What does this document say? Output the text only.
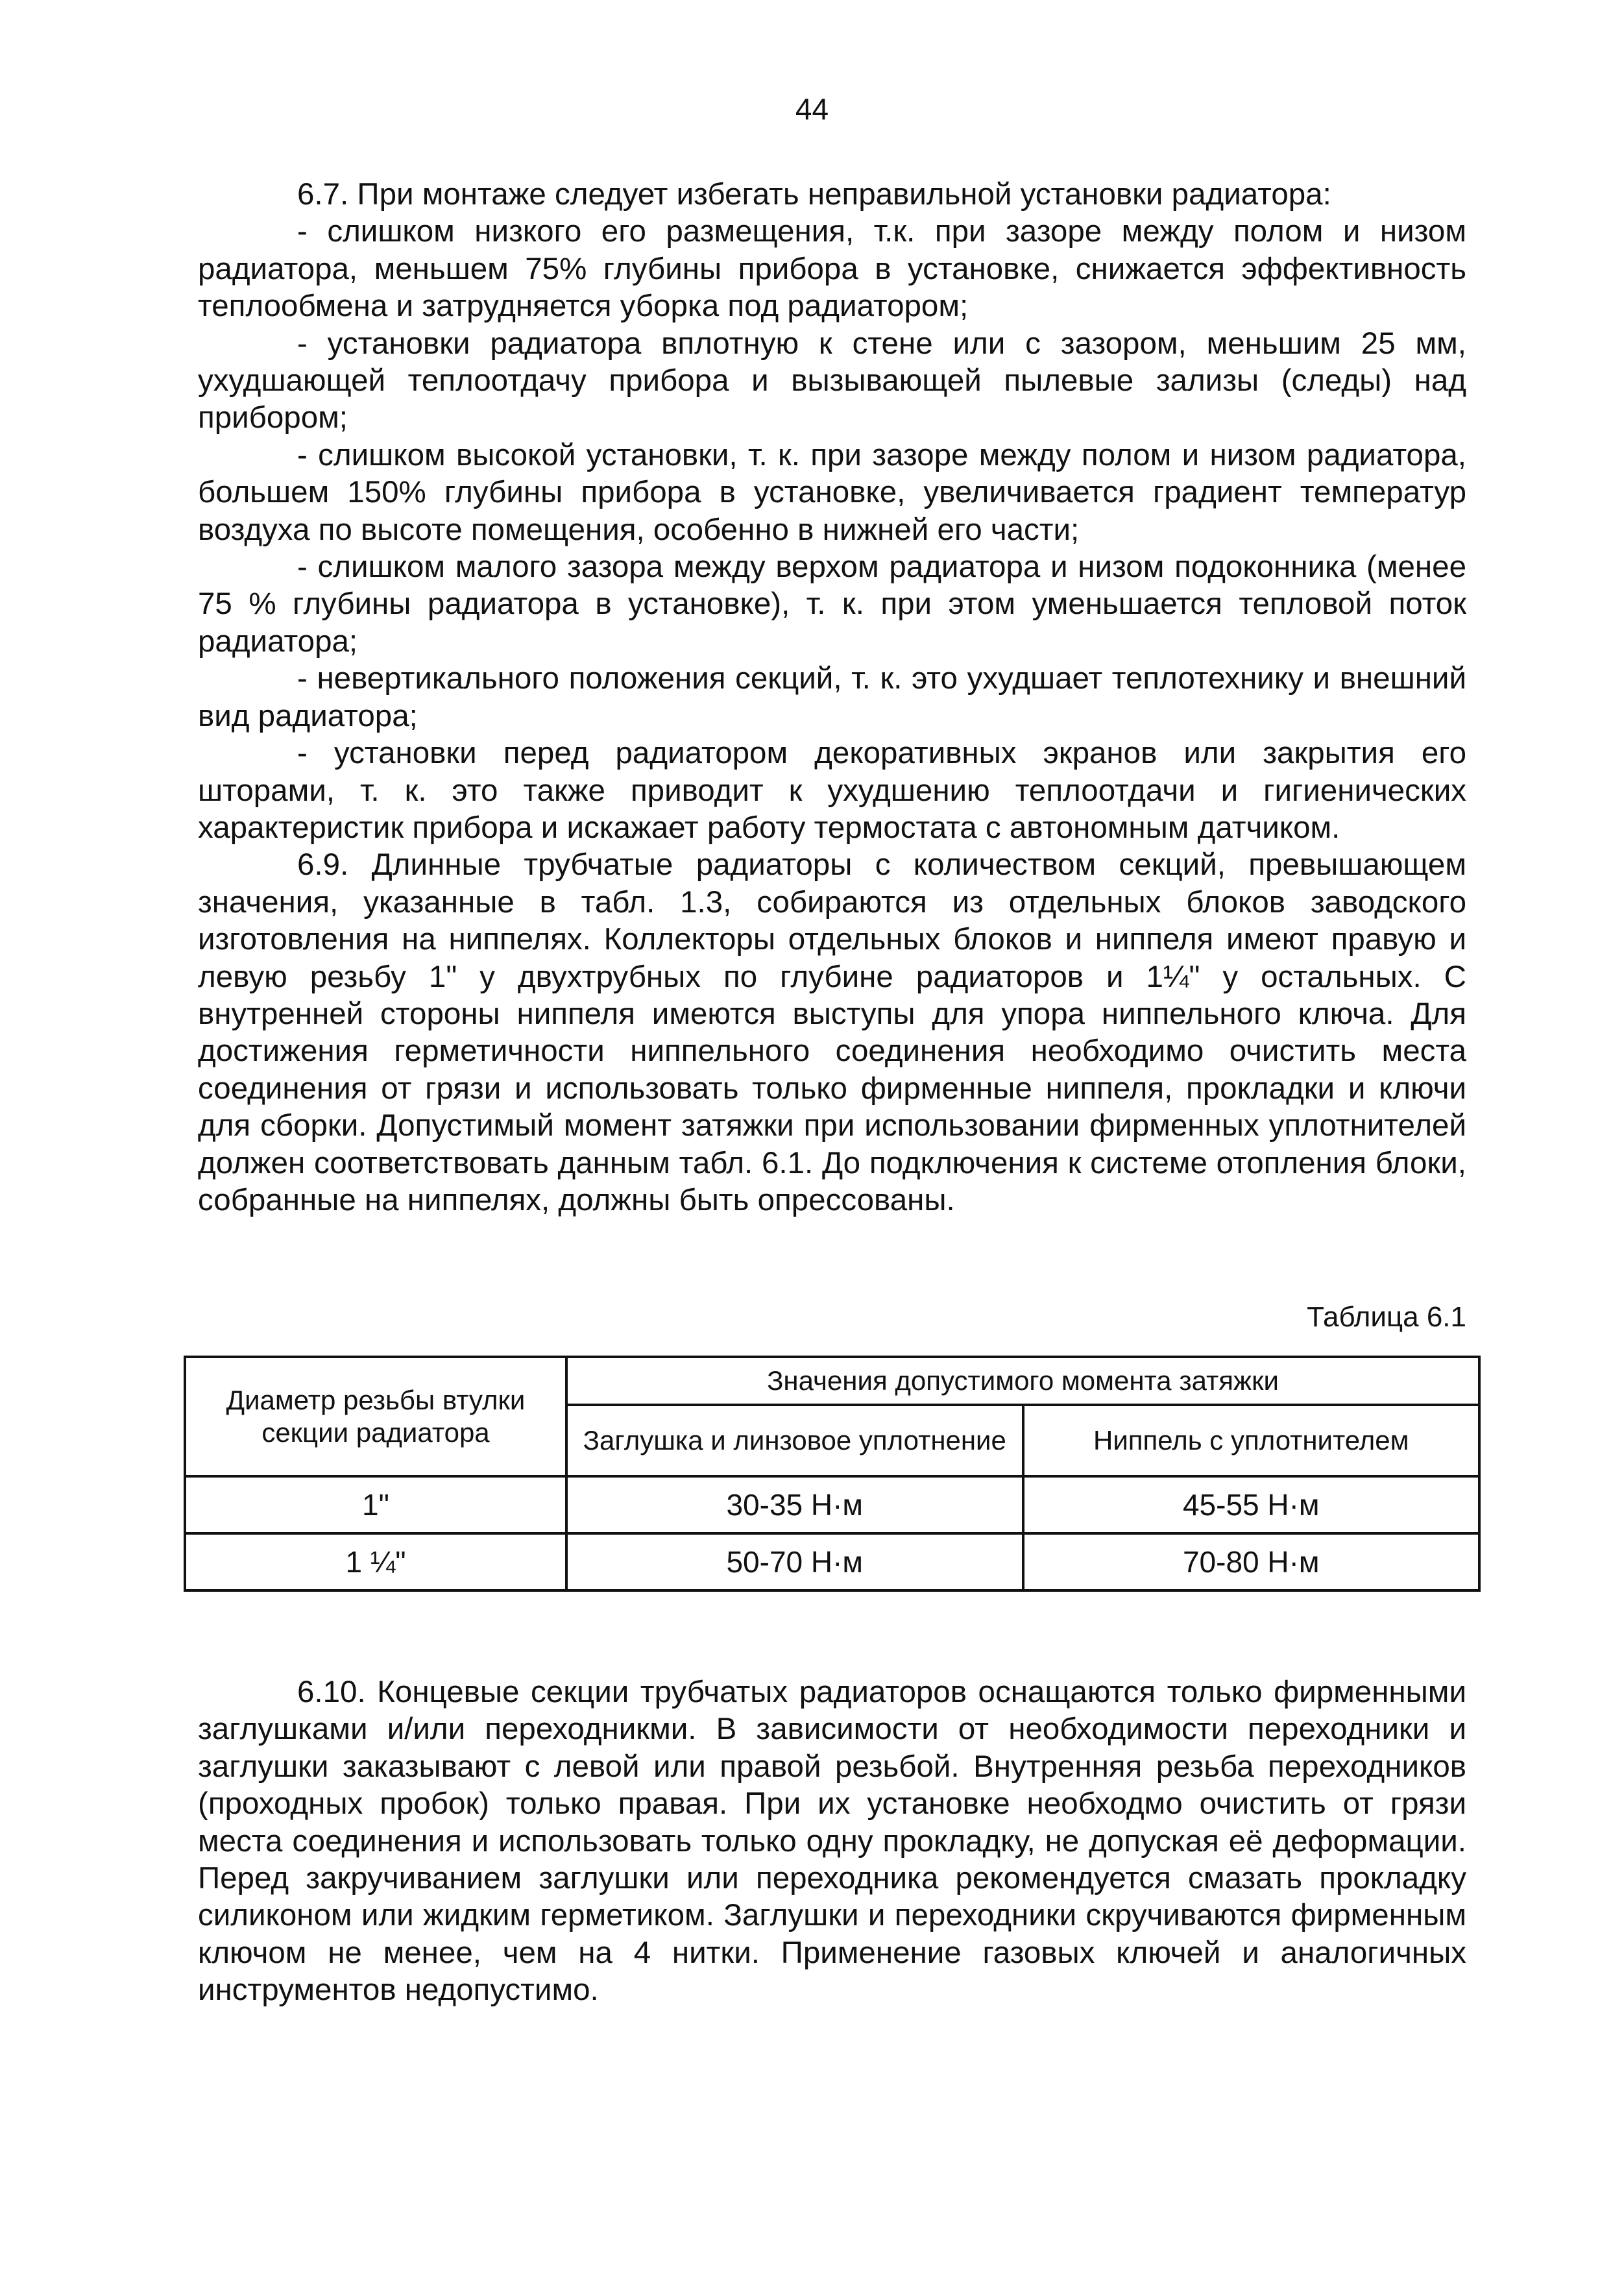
44

6.7. При монтаже следует избегать неправильной установки радиатора:

- слишком низкого его размещения, т.к. при зазоре между полом и низом радиатора, меньшем 75% глубины прибора в установке, снижается эффективность теплообмена и затрудняется уборка под радиатором;

- установки радиатора вплотную к стене или с зазором, меньшим 25 мм, ухудшающей теплоотдачу прибора и вызывающей пылевые зализы (следы) над прибором;

- слишком высокой установки, т. к. при зазоре между полом и низом радиатора, большем 150% глубины прибора в установке, увеличивается градиент температур воздуха по высоте помещения, особенно в нижней его части;

- слишком малого зазора между верхом радиатора и низом подоконника (менее 75 % глубины радиатора в установке), т. к. при этом уменьшается тепловой поток радиатора;

- невертикального положения секций, т. к. это ухудшает теплотехнику и внешний вид радиатора;

- установки перед радиатором декоративных экранов или закрытия его шторами, т. к. это также приводит к ухудшению теплоотдачи и гигиенических характеристик прибора и искажает работу термостата с автономным датчиком.

6.9. Длинные трубчатые радиаторы с количеством секций, превышающем значения, указанные в табл. 1.3, собираются из отдельных блоков заводского изготовления на ниппелях. Коллекторы отдельных блоков и ниппеля имеют правую и левую резьбу 1" у двухтрубных по глубине радиаторов и 1¼" у остальных. С внутренней стороны ниппеля имеются выступы для упора ниппельного ключа. Для достижения герметичности ниппельного соединения необходимо очистить места соединения от грязи и использовать только фирменные ниппеля, прокладки и ключи для сборки. Допустимый момент затяжки при использовании фирменных уплотнителей должен соответствовать данным табл. 6.1. До подключения к системе отопления блоки, собранные на ниппелях, должны быть опрессованы.

Таблица 6.1
Диаметр резьбы втулки секции радиатора	Значения допустимого момента затяжки	
	Заглушка и линзовое уплотнение	Ниппель с уплотнителем
1"	30-35 Н·м	45-55 Н·м
1 ¼"	50-70 Н·м	70-80 Н·м

6.10. Концевые секции трубчатых радиаторов оснащаются только фирменными заглушками и/или переходникми. В зависимости от необходимости переходники и заглушки заказывают с левой или правой резьбой. Внутренняя резьба переходников (проходных пробок) только правая. При их установке необходмо очистить от грязи места соединения и использовать только одну прокладку, не допуская её деформации. Перед закручиванием заглушки или переходника рекомендуется смазать прокладку силиконом или жидким герметиком. Заглушки и переходники скручиваются фирменным ключом не менее, чем на 4 нитки. Применение газовых ключей и аналогичных инструментов недопустимо.
